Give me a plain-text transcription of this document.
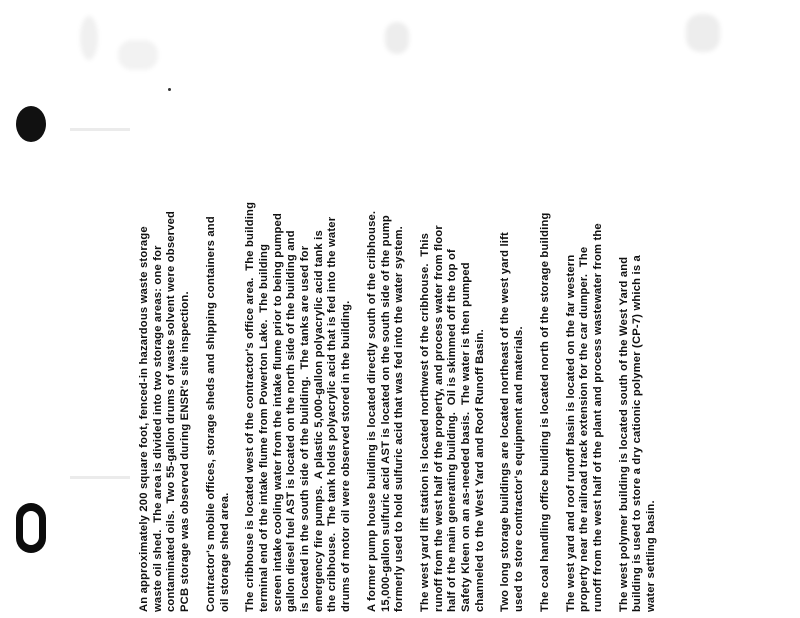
An approximately 200 square foot, fenced-in hazardous waste storage waste oil shed.  The area is divided into two storage areas: one for contaminated oils.  Two 55-gallon drums of waste solvent were observed PCB storage was observed during ENSR's site inspection. Contractor's mobile offices, storage sheds and shipping containers and oil storage shed area. The cribhouse is located west of the contractor's office area.  The building terminal end of the intake flume from Powerton Lake.  The building screen intake cooling water from the intake flume prior to being pumped gallon diesel fuel AST is located on the north side of the building and is located in the south side of the building.  The tanks are used for emergency fire pumps.  A plastic 5,000-gallon polyacrylic acid tank is the cribhouse.  The tank holds polyacrylic acid that is fed into the water drums of motor oil were observed stored in the building. A former pump house building is located directly south of the cribhouse. 15,000-gallon sulfuric acid AST is located on the south side of the pump formerly used to hold sulfuric acid that was fed into the water system. The west yard lift station is located northwest of the cribhouse.  This runoff from the west half of the property, and process water from floor half of the main generating building.  Oil is skimmed off the top of Safety Kleen on an as-needed basis.  The water is then pumped channeled to the West Yard and Roof Runoff Basin. Two long storage buildings are located northeast of the west yard lift used to store contractor's equipment and materials. The coal handling office building is located north of the storage building The west yard and roof runoff basin is located on the far western property near the railroad track extension for the car dumper.  The runoff from the west half of the plant and process wastewater from the The west polymer building is located south of the West Yard and building is used to store a dry cationic polymer (CP-7) which is a water settling basin.
